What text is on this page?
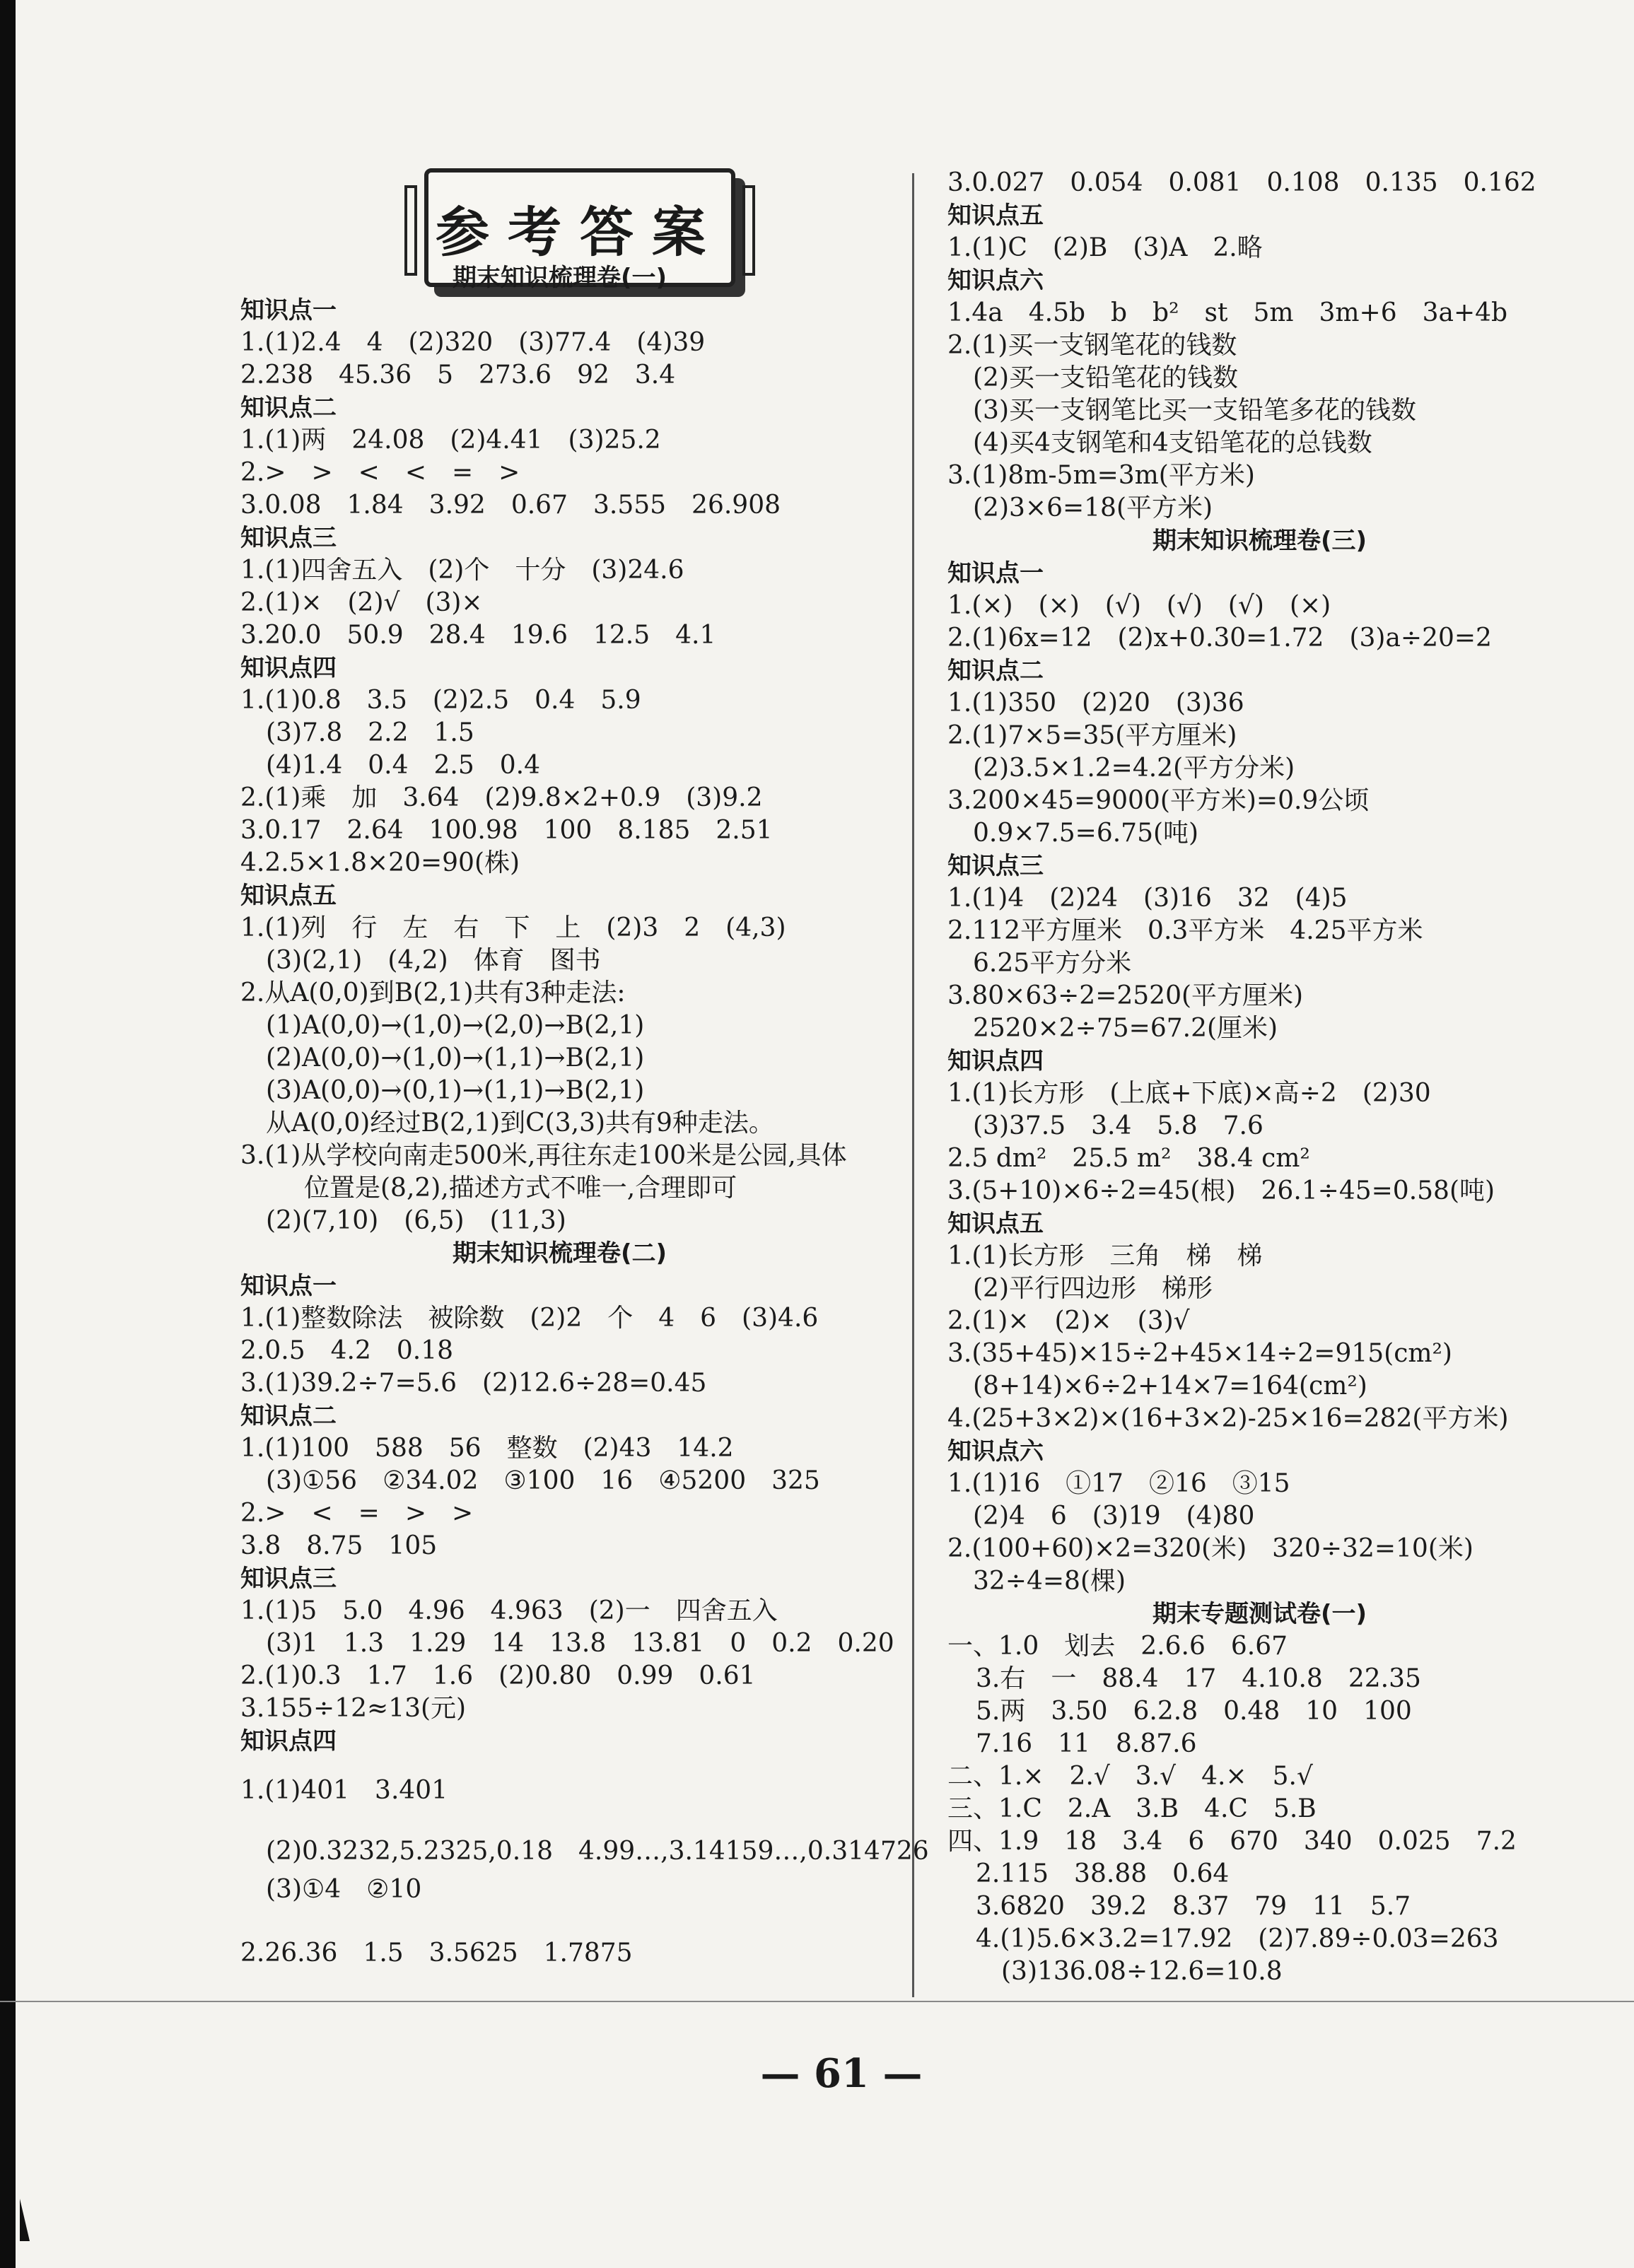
参考答案
期末知识梳理卷(一)
知识点一
1.(1)2.4　4　(2)320　(3)77.4　(4)39
2.238　45.36　5　273.6　92　3.4
知识点二
1.(1)两　24.08　(2)4.41　(3)25.2
2.>　>　<　<　=　>
3.0.08　1.84　3.92　0.67　3.555　26.908
知识点三
1.(1)四舍五入　(2)个　十分　(3)24.6
2.(1)×　(2)√　(3)×
3.20.0　50.9　28.4　19.6　12.5　4.1
知识点四
1.(1)0.8　3.5　(2)2.5　0.4　5.9
(3)7.8　2.2　1.5
(4)1.4　0.4　2.5　0.4
2.(1)乘　加　3.64　(2)9.8×2+0.9　(3)9.2
3.0.17　2.64　100.98　100　8.185　2.51
4.2.5×1.8×20=90(株)
知识点五
1.(1)列　行　左　右　下　上　(2)3　2　(4,3)
(3)(2,1)　(4,2)　体育　图书
2.从A(0,0)到B(2,1)共有3种走法:
(1)A(0,0)→(1,0)→(2,0)→B(2,1)
(2)A(0,0)→(1,0)→(1,1)→B(2,1)
(3)A(0,0)→(0,1)→(1,1)→B(2,1)
从A(0,0)经过B(2,1)到C(3,3)共有9种走法。
3.(1)从学校向南走500米,再往东走100米是公园,具体
位置是(8,2),描述方式不唯一,合理即可
(2)(7,10)　(6,5)　(11,3)
期末知识梳理卷(二)
知识点一
1.(1)整数除法　被除数　(2)2　个　4　6　(3)4.6
2.0.5　4.2　0.18
3.(1)39.2÷7=5.6　(2)12.6÷28=0.45
知识点二
1.(1)100　588　56　整数　(2)43　14.2
(3)①56　②34.02　③100　16　④5200　325
2.>　<　=　>　>
3.8　8.75　105
知识点三
1.(1)5　5.0　4.96　4.963　(2)一　四舍五入
(3)1　1.3　1.29　14　13.8　13.81　0　0.2　0.20
2.(1)0.3　1.7　1.6　(2)0.80　0.99　0.61
3.155÷12≈13(元)
知识点四
1.(1)401　3.401
(2)0.3232,5.2325,0.18　4.99…,3.14159…,0.314726
(3)①4　②10
2.26.36　1.5　3.5625　1.7875
3.0.027　0.054　0.081　0.108　0.135　0.162
知识点五
1.(1)C　(2)B　(3)A　2.略
知识点六
1.4a　4.5b　b　b²　st　5m　3m+6　3a+4b
2.(1)买一支钢笔花的钱数
(2)买一支铅笔花的钱数
(3)买一支钢笔比买一支铅笔多花的钱数
(4)买4支钢笔和4支铅笔花的总钱数
3.(1)8m-5m=3m(平方米)
(2)3×6=18(平方米)
期末知识梳理卷(三)
知识点一
1.(×)　(×)　(√)　(√)　(√)　(×)
2.(1)6x=12　(2)x+0.30=1.72　(3)a÷20=2
知识点二
1.(1)350　(2)20　(3)36
2.(1)7×5=35(平方厘米)
(2)3.5×1.2=4.2(平方分米)
3.200×45=9000(平方米)=0.9公顷
0.9×7.5=6.75(吨)
知识点三
1.(1)4　(2)24　(3)16　32　(4)5
2.112平方厘米　0.3平方米　4.25平方米
6.25平方分米
3.80×63÷2=2520(平方厘米)
2520×2÷75=67.2(厘米)
知识点四
1.(1)长方形　(上底+下底)×高÷2　(2)30
(3)37.5　3.4　5.8　7.6
2.5 dm²　25.5 m²　38.4 cm²
3.(5+10)×6÷2=45(根)　26.1÷45=0.58(吨)
知识点五
1.(1)长方形　三角　梯　梯
(2)平行四边形　梯形
2.(1)×　(2)×　(3)√
3.(35+45)×15÷2+45×14÷2=915(cm²)
(8+14)×6÷2+14×7=164(cm²)
4.(25+3×2)×(16+3×2)-25×16=282(平方米)
知识点六
1.(1)16　①17　②16　③15
(2)4　6　(3)19　(4)80
2.(100+60)×2=320(米)　320÷32=10(米)
32÷4=8(棵)
期末专题测试卷(一)
一、1.0　划去　2.6.6　6.67
3.右　一　88.4　17　4.10.8　22.35
5.两　3.50　6.2.8　0.48　10　100
7.16　11　8.87.6
二、1.×　2.√　3.√　4.×　5.√
三、1.C　2.A　3.B　4.C　5.B
四、1.9　18　3.4　6　670　340　0.025　7.2
2.115　38.88　0.64
3.6820　39.2　8.37　79　11　5.7
4.(1)5.6×3.2=17.92　(2)7.89÷0.03=263
(3)136.08÷12.6=10.8
— 61 —
